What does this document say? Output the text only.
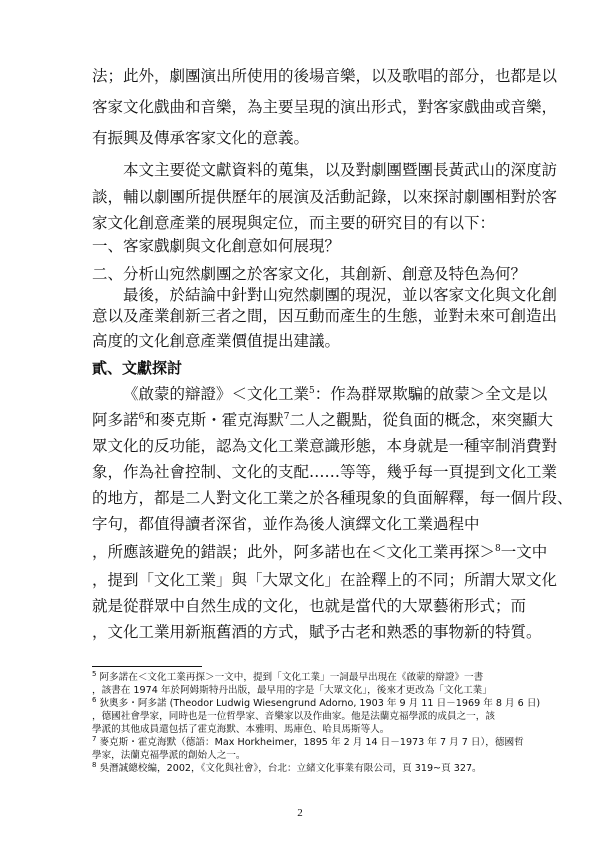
法；此外，劇團演出所使用的後場音樂，以及歌唱的部分，也都是以
客家文化戲曲和音樂，為主要呈現的演出形式，對客家戲曲或音樂，
有振興及傳承客家文化的意義。
本文主要從文獻資料的蒐集，以及對劇團暨團長黃武山的深度訪
談，輔以劇團所提供歷年的展演及活動記錄，以來探討劇團相對於客
家文化創意產業的展現與定位，而主要的研究目的有以下：
一、客家戲劇與文化創意如何展現？
二、分析山宛然劇團之於客家文化，其創新、創意及特色為何？
最後，於結論中針對山宛然劇團的現況，並以客家文化與文化創
意以及產業創新三者之間，因互動而產生的生態，並對未來可創造出
貳、文獻探討
《啟蒙的辯證》＜文化工業$^5$：作為群眾欺騙的啟蒙＞全文是以
阿多諾$^6$和麥克斯・霍克海默$^7$二人之觀點，從負面的概念，來突顯大
眾文化的反功能，認為文化工業意識形態，本身就是一種宰制消費對
象，作為社會控制、文化的支配……等等，幾乎每一頁提到文化工業
的地方，都是二人對文化工業之於各種現象的負面解釋，每一個片段、
字句，都值得讀者深省，並作為後人演繹文化工業過程中
，所應該避免的錯誤；此外，阿多諾也在＜文化工業再探＞$^8$一文中
，提到「文化工業」與「大眾文化」在詮釋上的不同；所謂大眾文化
就是從群眾中自然生成的文化，也就是當代的大眾藝術形式；而
$^5$ 阿多諾在＜文化工業再探＞一文中，提到「文化工業」一詞最早出現在《啟蒙的辯證》一書
，該書在 1974 年於阿姆斯特丹出版，最早用的字是「大眾文化」，後來才更改為「文化工業」
$^6$ 狄奧多・阿多諾 (Theodor Ludwig Wiesengrund Adorno, 1903 年 9 月 11 日－1969 年 8 月 6 日)
，德國社會學家，同時也是一位哲學家、音樂家以及作曲家。他是法蘭克福學派的成員之一，該
學派的其他成員還包括了霍克海默、本雅明、馬庫色、哈貝馬斯等人。
$^7$ 麥克斯・霍克海默（德語：Max Horkheimer，1895 年 2 月 14 日－1973 年 7 月 7 日），德國哲
學家，法蘭克福學派的創始人之一。
$^8$ 吳潛誠總校編，2002，《文化與社會》，台北：立緒文化事業有限公司，頁 319~頁 327。
2
高度的文化創意產業價值提出建議。
，文化工業用新瓶舊酒的方式，賦予古老和熟悉的事物新的特質。
